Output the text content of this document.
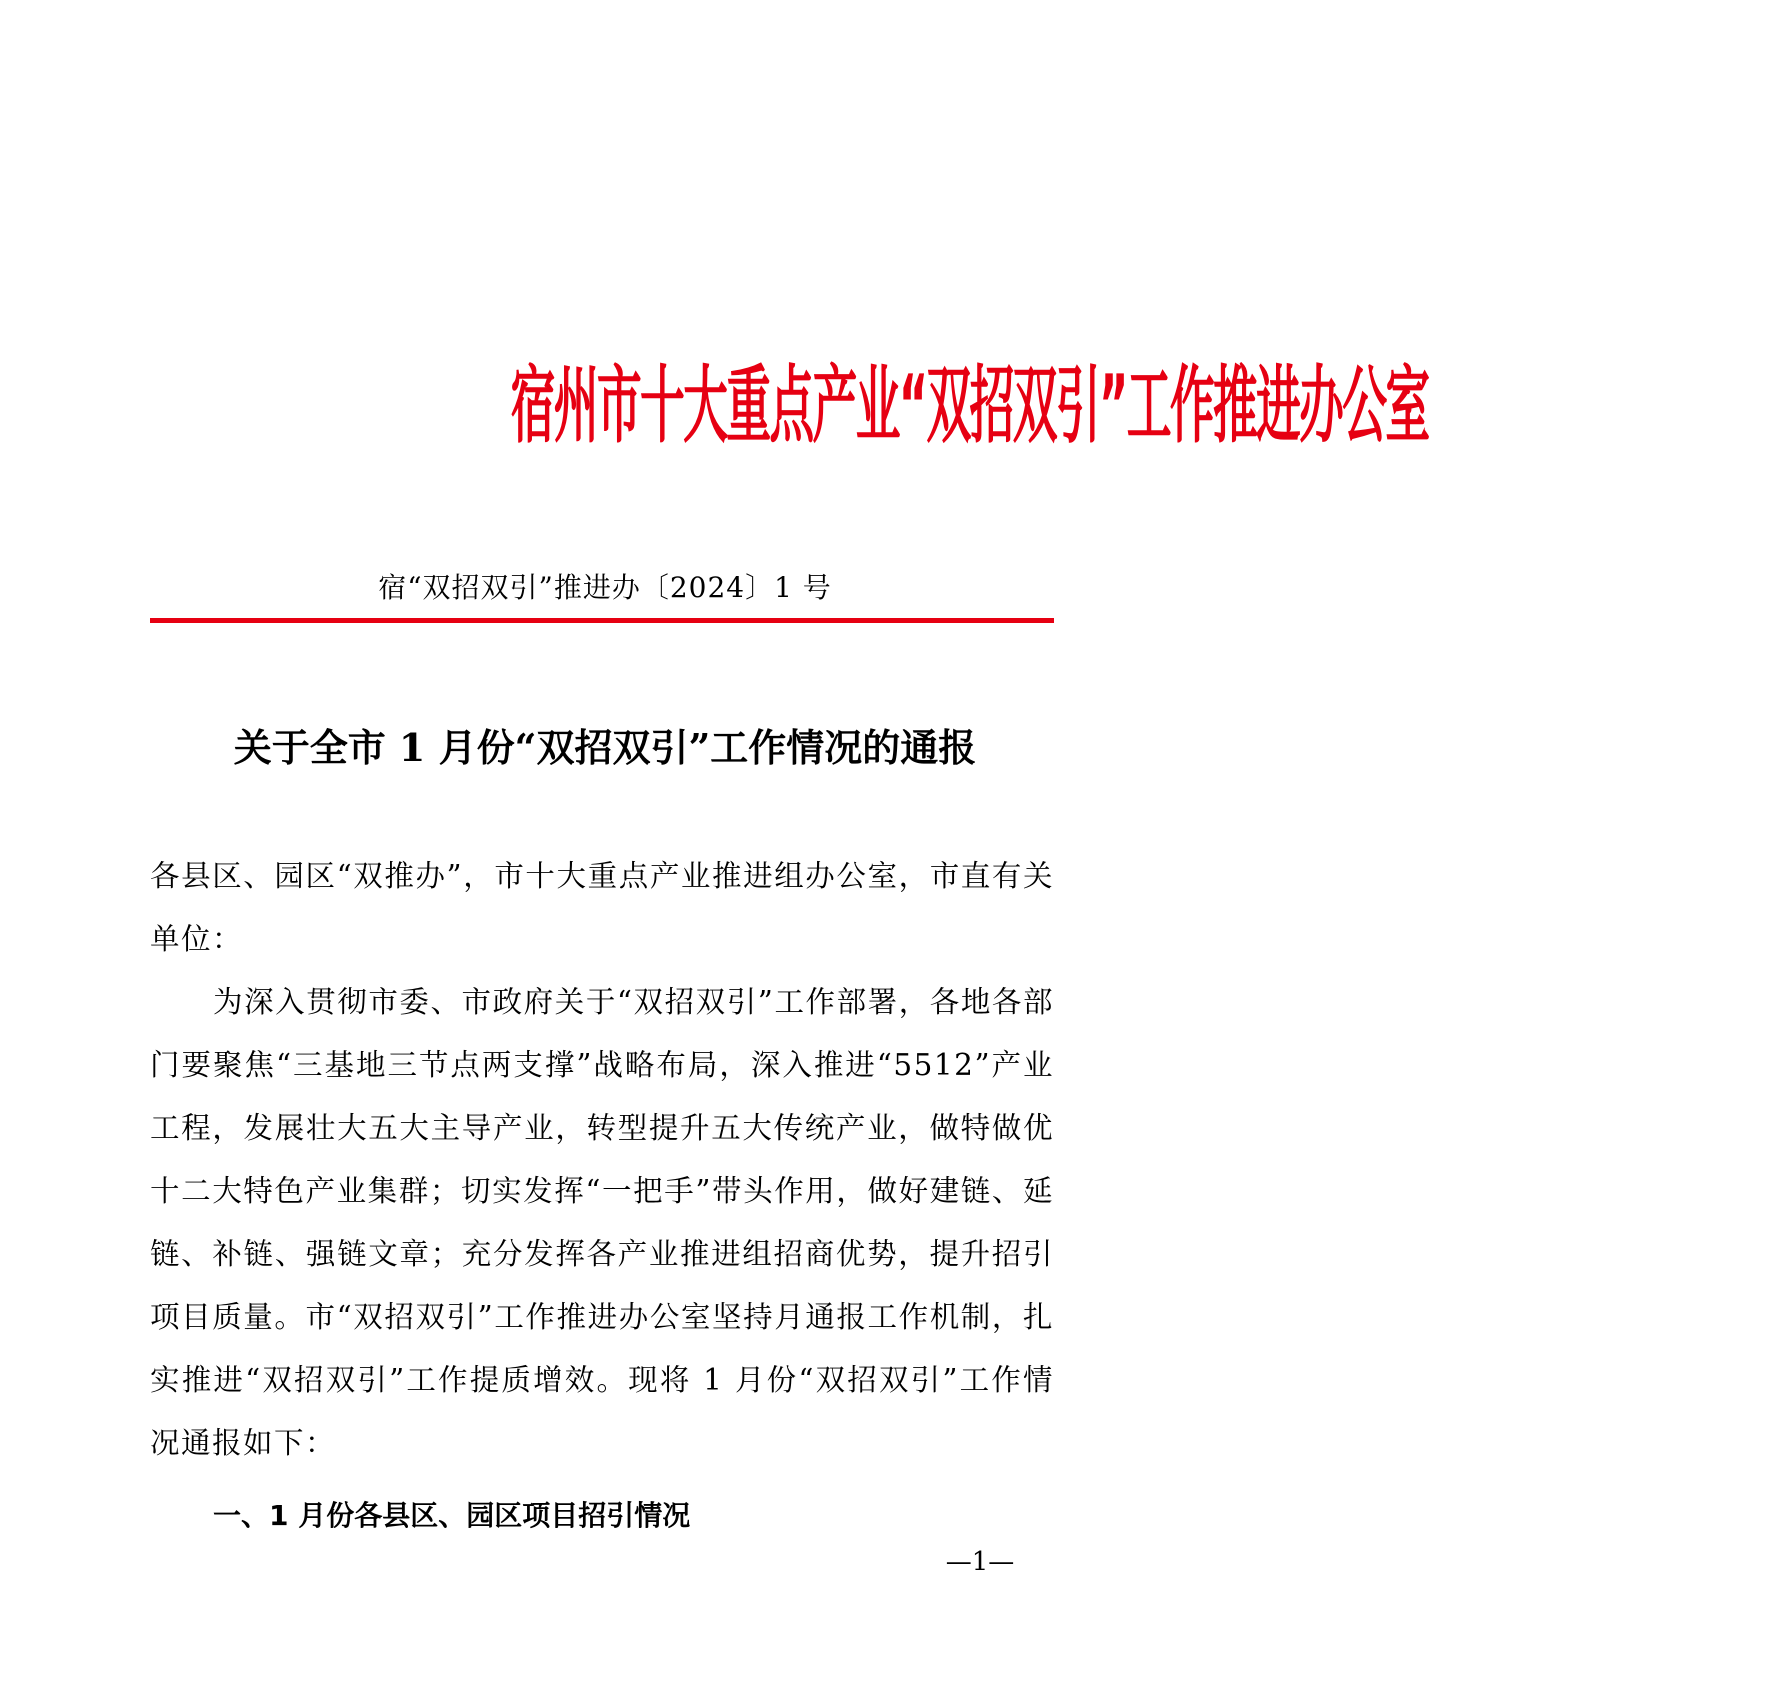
宿州市十大重点产业“双招双引”工作推进办公室
宿“双招双引”推进办〔2024〕1 号
关于全市 1 月份“双招双引”工作情况的通报
各县区、园区“双推办”，市十大重点产业推进组办公室，市直有关单位：
为深入贯彻市委、市政府关于“双招双引”工作部署，各地各部门要聚焦“三基地三节点两支撑”战略布局，深入推进“5512”产业工程，发展壮大五大主导产业，转型提升五大传统产业，做特做优十二大特色产业集群；切实发挥“一把手”带头作用，做好建链、延链、补链、强链文章；充分发挥各产业推进组招商优势，提升招引项目质量。市“双招双引”工作推进办公室坚持月通报工作机制，扎实推进“双招双引”工作提质增效。现将 1 月份“双招双引”工作情况通报如下：
一、1 月份各县区、园区项目招引情况
—1—
